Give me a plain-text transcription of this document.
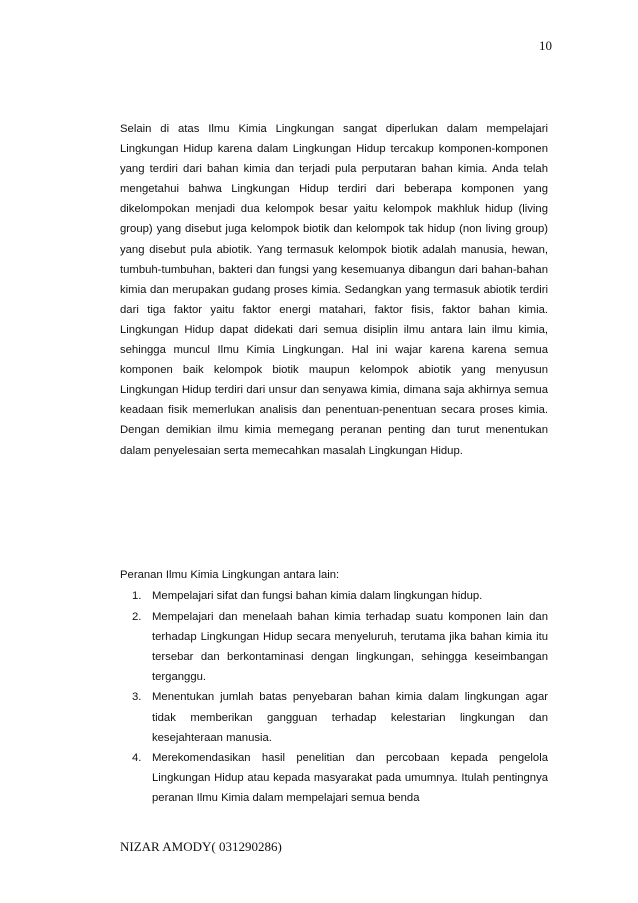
10

Selain di atas Ilmu Kimia Lingkungan sangat diperlukan dalam mempelajari Lingkungan Hidup karena dalam Lingkungan Hidup tercakup komponen-komponen yang terdiri dari bahan kimia dan terjadi pula perputaran bahan kimia. Anda telah mengetahui bahwa Lingkungan Hidup terdiri dari beberapa komponen yang dikelompokan menjadi dua kelompok besar yaitu kelompok makhluk hidup (living group) yang disebut juga kelompok biotik dan kelompok tak hidup (non living group) yang disebut pula abiotik. Yang termasuk kelompok biotik adalah manusia, hewan, tumbuh-tumbuhan, bakteri dan fungsi yang kesemuanya dibangun dari bahan-bahan kimia dan merupakan gudang proses kimia. Sedangkan yang termasuk abiotik terdiri dari tiga faktor yaitu faktor energi matahari, faktor fisis, faktor bahan kimia. Lingkungan Hidup dapat didekati dari semua disiplin ilmu antara lain ilmu kimia, sehingga muncul Ilmu Kimia Lingkungan. Hal ini wajar karena karena semua komponen baik kelompok biotik maupun kelompok abiotik yang menyusun Lingkungan Hidup terdiri dari unsur dan senyawa kimia, dimana saja akhirnya semua keadaan fisik memerlukan analisis dan penentuan-penentuan secara proses kimia. Dengan demikian ilmu kimia memegang peranan penting dan turut menentukan dalam penyelesaian serta memecahkan masalah Lingkungan Hidup.

Peranan Ilmu Kimia Lingkungan antara lain:

1. Mempelajari sifat dan fungsi bahan kimia dalam lingkungan hidup.
2. Mempelajari dan menelaah bahan kimia terhadap suatu komponen lain dan terhadap Lingkungan Hidup secara menyeluruh, terutama jika bahan kimia itu tersebar dan berkontaminasi dengan lingkungan, sehingga keseimbangan terganggu.
3. Menentukan jumlah batas penyebaran bahan kimia dalam lingkungan agar tidak memberikan gangguan terhadap kelestarian lingkungan dan kesejahteraan manusia.
4. Merekomendasikan hasil penelitian dan percobaan kepada pengelola Lingkungan Hidup atau kepada masyarakat pada umumnya. Itulah pentingnya peranan Ilmu Kimia dalam mempelajari semua benda
NIZAR AMODY( 031290286)
